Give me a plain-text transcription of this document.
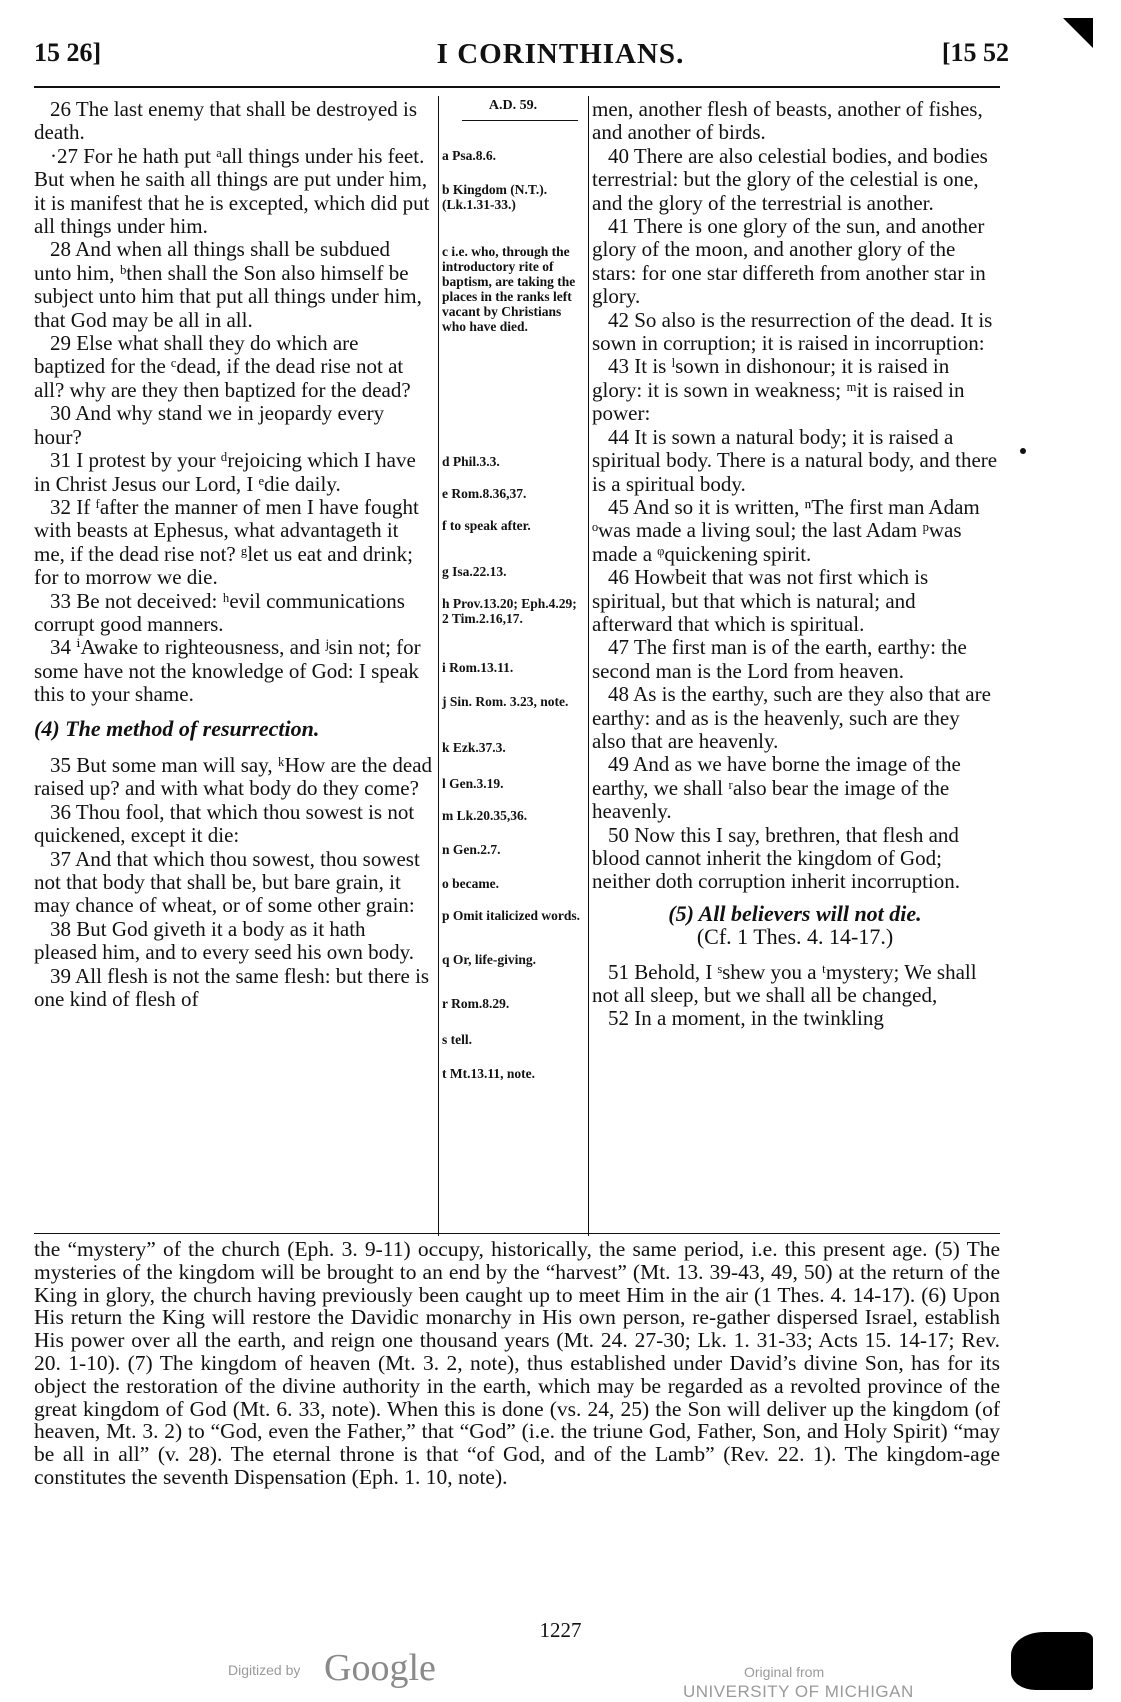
15 26]	I CORINTHIANS.	[15 52

26 The last enemy that shall be destroyed is death.

·27 For he hath put ᵃall things under his feet. But when he saith all things are put under him, it is manifest that he is excepted, which did put all things under him.

28 And when all things shall be subdued unto him, ᵇthen shall the Son also himself be subject unto him that put all things under him, that God may be all in all.

29 Else what shall they do which are baptized for the ᶜdead, if the dead rise not at all? why are they then baptized for the dead?

30 And why stand we in jeopardy every hour?

31 I protest by your ᵈrejoicing which I have in Christ Jesus our Lord, I ᵉdie daily.

32 If ᶠafter the manner of men I have fought with beasts at Ephesus, what advantageth it me, if the dead rise not? ᵍlet us eat and drink; for to morrow we die.

33 Be not deceived: ʰevil communications corrupt good manners.

34 ⁱAwake to righteousness, and ʲsin not; for some have not the knowledge of God: I speak this to your shame.

(4) The method of resurrection.

35 But some man will say, ᵏHow are the dead raised up? and with what body do they come?

36 Thou fool, that which thou sowest is not quickened, except it die:

37 And that which thou sowest, thou sowest not that body that shall be, but bare grain, it may chance of wheat, or of some other grain:

38 But God giveth it a body as it hath pleased him, and to every seed his own body.

39 All flesh is not the same flesh: but there is one kind of flesh of

A.D. 59.
a Psa.8.6.
b Kingdom (N.T.). (Lk.1.31-33.)
c i.e. who, through the introductory rite of baptism, are taking the places in the ranks left vacant by Christians who have died.
d Phil.3.3.
e Rom.8.36,37.
f to speak after.
g Isa.22.13.
h Prov.13.20; Eph.4.29; 2 Tim.2.16,17.
i Rom.13.11.
j Sin. Rom. 3.23, note.
k Ezk.37.3.
l Gen.3.19.
m Lk.20.35,36.
n Gen.2.7.
o became.
p Omit italicized words.
q Or, life-giving.
r Rom.8.29.
s tell.
t Mt.13.11, note.

men, another flesh of beasts, another of fishes, and another of birds.

40 There are also celestial bodies, and bodies terrestrial: but the glory of the celestial is one, and the glory of the terrestrial is another.

41 There is one glory of the sun, and another glory of the moon, and another glory of the stars: for one star differeth from another star in glory.

42 So also is the resurrection of the dead. It is sown in corruption; it is raised in incorruption:

43 It is ˡsown in dishonour; it is raised in glory: it is sown in weakness; ᵐit is raised in power:

44 It is sown a natural body; it is raised a spiritual body. There is a natural body, and there is a spiritual body.

45 And so it is written, ⁿThe first man Adam ᵒwas made a living soul; the last Adam ᵖwas made a ᵠquickening spirit.

46 Howbeit that was not first which is spiritual, but that which is natural; and afterward that which is spiritual.

47 The first man is of the earth, earthy: the second man is the Lord from heaven.

48 As is the earthy, such are they also that are earthy: and as is the heavenly, such are they also that are heavenly.

49 And as we have borne the image of the earthy, we shall ʳalso bear the image of the heavenly.

50 Now this I say, brethren, that flesh and blood cannot inherit the kingdom of God; neither doth corruption inherit incorruption.

(5) All believers will not die.
(Cf. 1 Thes. 4. 14-17.)

51 Behold, I ˢshew you a ᵗmystery; We shall not all sleep, but we shall all be changed,

52 In a moment, in the twinkling

the “mystery” of the church (Eph. 3. 9-11) occupy, historically, the same period, i.e. this present age. (5) The mysteries of the kingdom will be brought to an end by the “harvest” (Mt. 13. 39-43, 49, 50) at the return of the King in glory, the church having previously been caught up to meet Him in the air (1 Thes. 4. 14-17). (6) Upon His return the King will restore the Davidic monarchy in His own person, re-gather dispersed Israel, establish His power over all the earth, and reign one thousand years (Mt. 24. 27-30; Lk. 1. 31-33; Acts 15. 14-17; Rev. 20. 1-10). (7) The kingdom of heaven (Mt. 3. 2, note), thus established under David’s divine Son, has for its object the restoration of the divine authority in the earth, which may be regarded as a revolted province of the great kingdom of God (Mt. 6. 33, note). When this is done (vs. 24, 25) the Son will deliver up the kingdom (of heaven, Mt. 3. 2) to “God, even the Father,” that “God” (i.e. the triune God, Father, Son, and Holy Spirit) “may be all in all” (v. 28). The eternal throne is that “of God, and of the Lamb” (Rev. 22. 1). The kingdom-age constitutes the seventh Dispensation (Eph. 1. 10, note).

1227
Digitized by Google	Original from
UNIVERSITY OF MICHIGAN
